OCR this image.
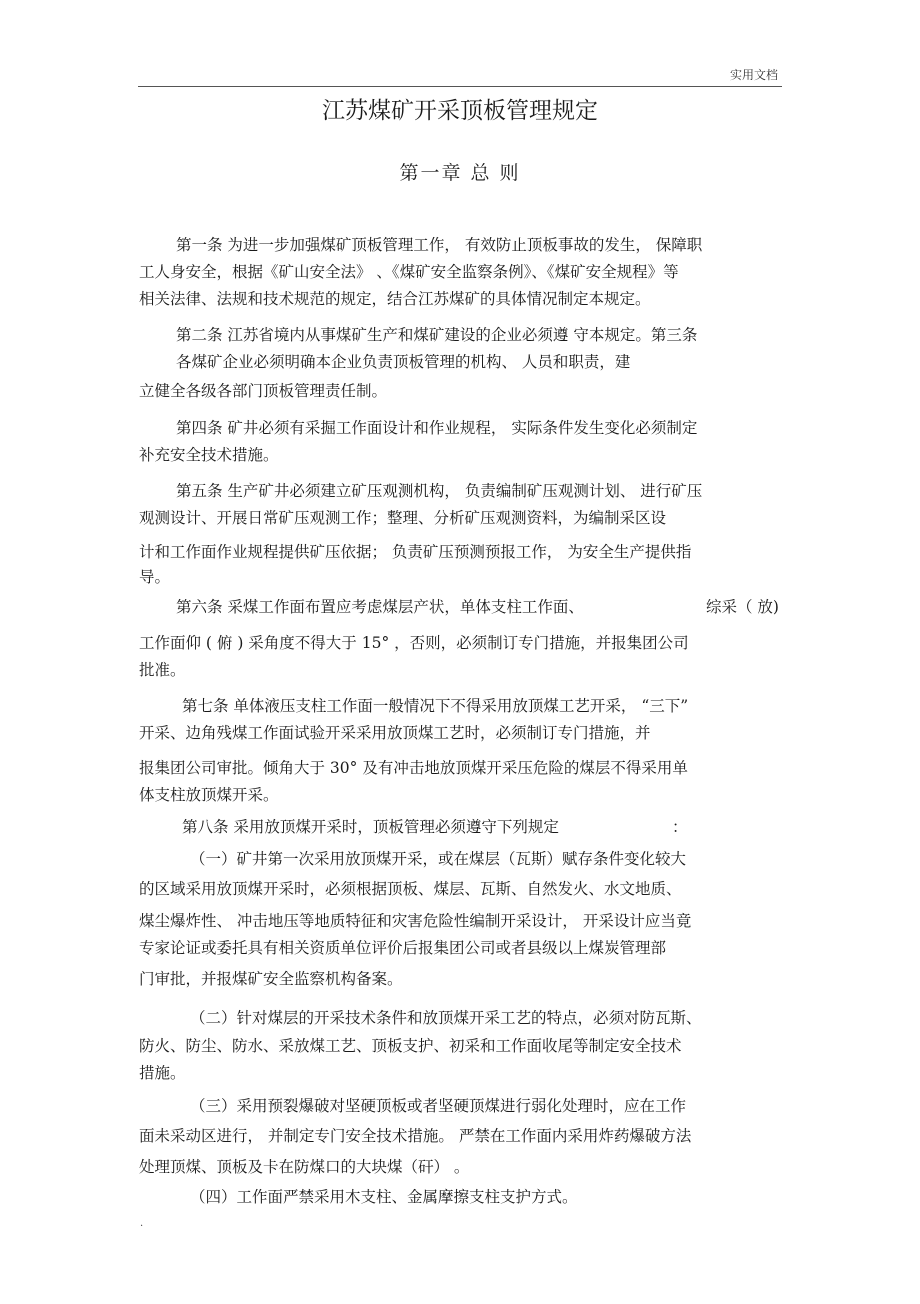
实用文档
江苏煤矿开采顶板管理规定
第一章 总 则
第一条 为进一步加强煤矿顶板管理工作， 有效防止顶板事故的发生， 保障职
工人身安全，根据《矿山安全法》 、《煤矿安全监察条例》、《煤矿安全规程》等
相关法律、法规和技术规范的规定，结合江苏煤矿的具体情况制定本规定。
第二条 江苏省境内从事煤矿生产和煤矿建设的企业必须遵 守本规定。第三条
各煤矿企业必须明确本企业负责顶板管理的机构、 人员和职责，建
立健全各级各部门顶板管理责任制。
第四条 矿井必须有采掘工作面设计和作业规程， 实际条件发生变化必须制定
补充安全技术措施。
第五条 生产矿井必须建立矿压观测机构， 负责编制矿压观测计划、 进行矿压
观测设计、开展日常矿压观测工作；整理、分析矿压观测资料，为编制采区设
计和工作面作业规程提供矿压依据； 负责矿压预测预报工作， 为安全生产提供指
导。
第六条 采煤工作面布置应考虑煤层产状，单体支柱工作面、	综采（ 放)
工作面仰 ( 俯 ) 采角度不得大于 15° ，否则，必须制订专门措施，并报集团公司
批准。
第七条 单体液压支柱工作面一般情况下不得采用放顶煤工艺开采， “三下”
开采、边角残煤工作面试验开采采用放顶煤工艺时，必须制订专门措施，并
报集团公司审批。倾角大于 30° 及有冲击地放顶煤开采压危险的煤层不得采用单
体支柱放顶煤开采。
第八条 采用放顶煤开采时，顶板管理必须遵守下列规定	：
（一）矿井第一次采用放顶煤开采，或在煤层（瓦斯）赋存条件变化较大
的区域采用放顶煤开采时，必须根据顶板、煤层、瓦斯、自然发火、水文地质、
煤尘爆炸性、 冲击地压等地质特征和灾害危险性编制开采设计， 开采设计应当竟
专家论证或委托具有相关资质单位评价后报集团公司或者县级以上煤炭管理部
门审批，并报煤矿安全监察机构备案。
（二）针对煤层的开采技术条件和放顶煤开采工艺的特点，必须对防瓦斯、
防火、防尘、防水、采放煤工艺、顶板支护、初采和工作面收尾等制定安全技术
措施。
（三）采用预裂爆破对坚硬顶板或者坚硬顶煤进行弱化处理时，应在工作
面未采动区进行， 并制定专门安全技术措施。 严禁在工作面内采用炸药爆破方法
处理顶煤、顶板及卡在防煤口的大块煤（矸） 。
（四）工作面严禁采用木支柱、金属摩擦支柱支护方式。
.
